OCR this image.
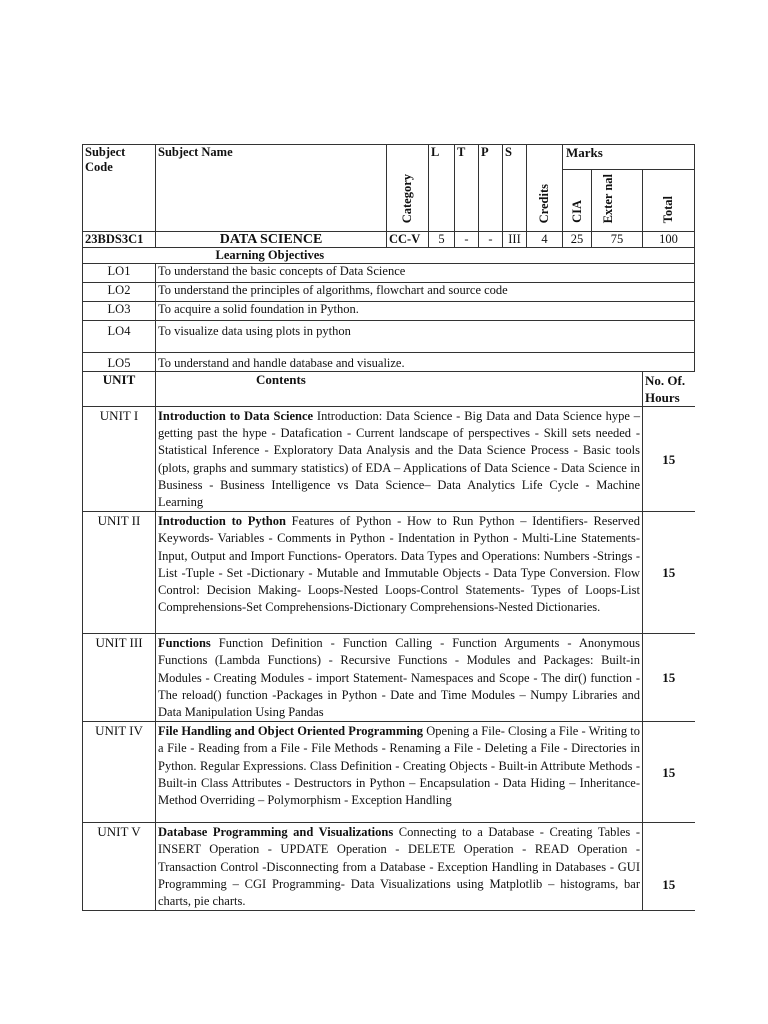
Subject Code	Subject Name	Category	L	T	P	S	Credits	Marks		
								CIA	Exter nal	Total
23BDS3C1	DATA SCIENCE	CC-V	5	-	-	III	4	25	75	100
	Learning Objectives									
LO1	To understand the basic concepts of Data Science									
LO2	To understand the principles of algorithms, flowchart and source code									
LO3	To acquire a solid foundation in Python.									
LO4	To visualize data using plots in python									
LO5	To understand and handle database and visualize.									
UNIT	Contents									No. Of. Hours
UNIT I	Introduction to Data Science Introduction: Data Science - Big Data and Data Science hype – getting past the hype - Datafication - Current landscape of perspectives - Skill sets needed - Statistical Inference - Exploratory Data Analysis and the Data Science Process - Basic tools (plots, graphs and summary statistics) of EDA – Applications of Data Science - Data Science in Business - Business Intelligence vs Data Science– Data Analytics Life Cycle - Machine Learning									15
UNIT II	Introduction to Python Features of Python - How to Run Python – Identifiers- Reserved Keywords- Variables - Comments in Python - Indentation in Python - Multi-Line Statements- Input, Output and Import Functions- Operators. Data Types and Operations: Numbers -Strings -List -Tuple - Set -Dictionary - Mutable and Immutable Objects - Data Type Conversion. Flow Control: Decision Making- Loops-Nested Loops-Control Statements- Types of Loops-List Comprehensions-Set Comprehensions-Dictionary Comprehensions-Nested Dictionaries.									15
UNIT III	Functions Function Definition - Function Calling - Function Arguments - Anonymous Functions (Lambda Functions) - Recursive Functions - Modules and Packages: Built-in Modules - Creating Modules - import Statement- Namespaces and Scope - The dir() function - The reload() function -Packages in Python - Date and Time Modules – Numpy Libraries and Data Manipulation Using Pandas									15
UNIT IV	File Handling and Object Oriented Programming Opening a File- Closing a File - Writing to a File - Reading from a File - File Methods - Renaming a File - Deleting a File - Directories in Python. Regular Expressions. Class Definition - Creating Objects - Built-in Attribute Methods - Built-in Class Attributes - Destructors in Python – Encapsulation - Data Hiding – Inheritance-Method Overriding – Polymorphism - Exception Handling									15
UNIT V	Database Programming and Visualizations Connecting to a Database - Creating Tables - INSERT Operation - UPDATE Operation - DELETE Operation - READ Operation - Transaction Control -Disconnecting from a Database - Exception Handling in Databases - GUI Programming – CGI Programming- Data Visualizations using Matplotlib – histograms, bar charts, pie charts.									15
